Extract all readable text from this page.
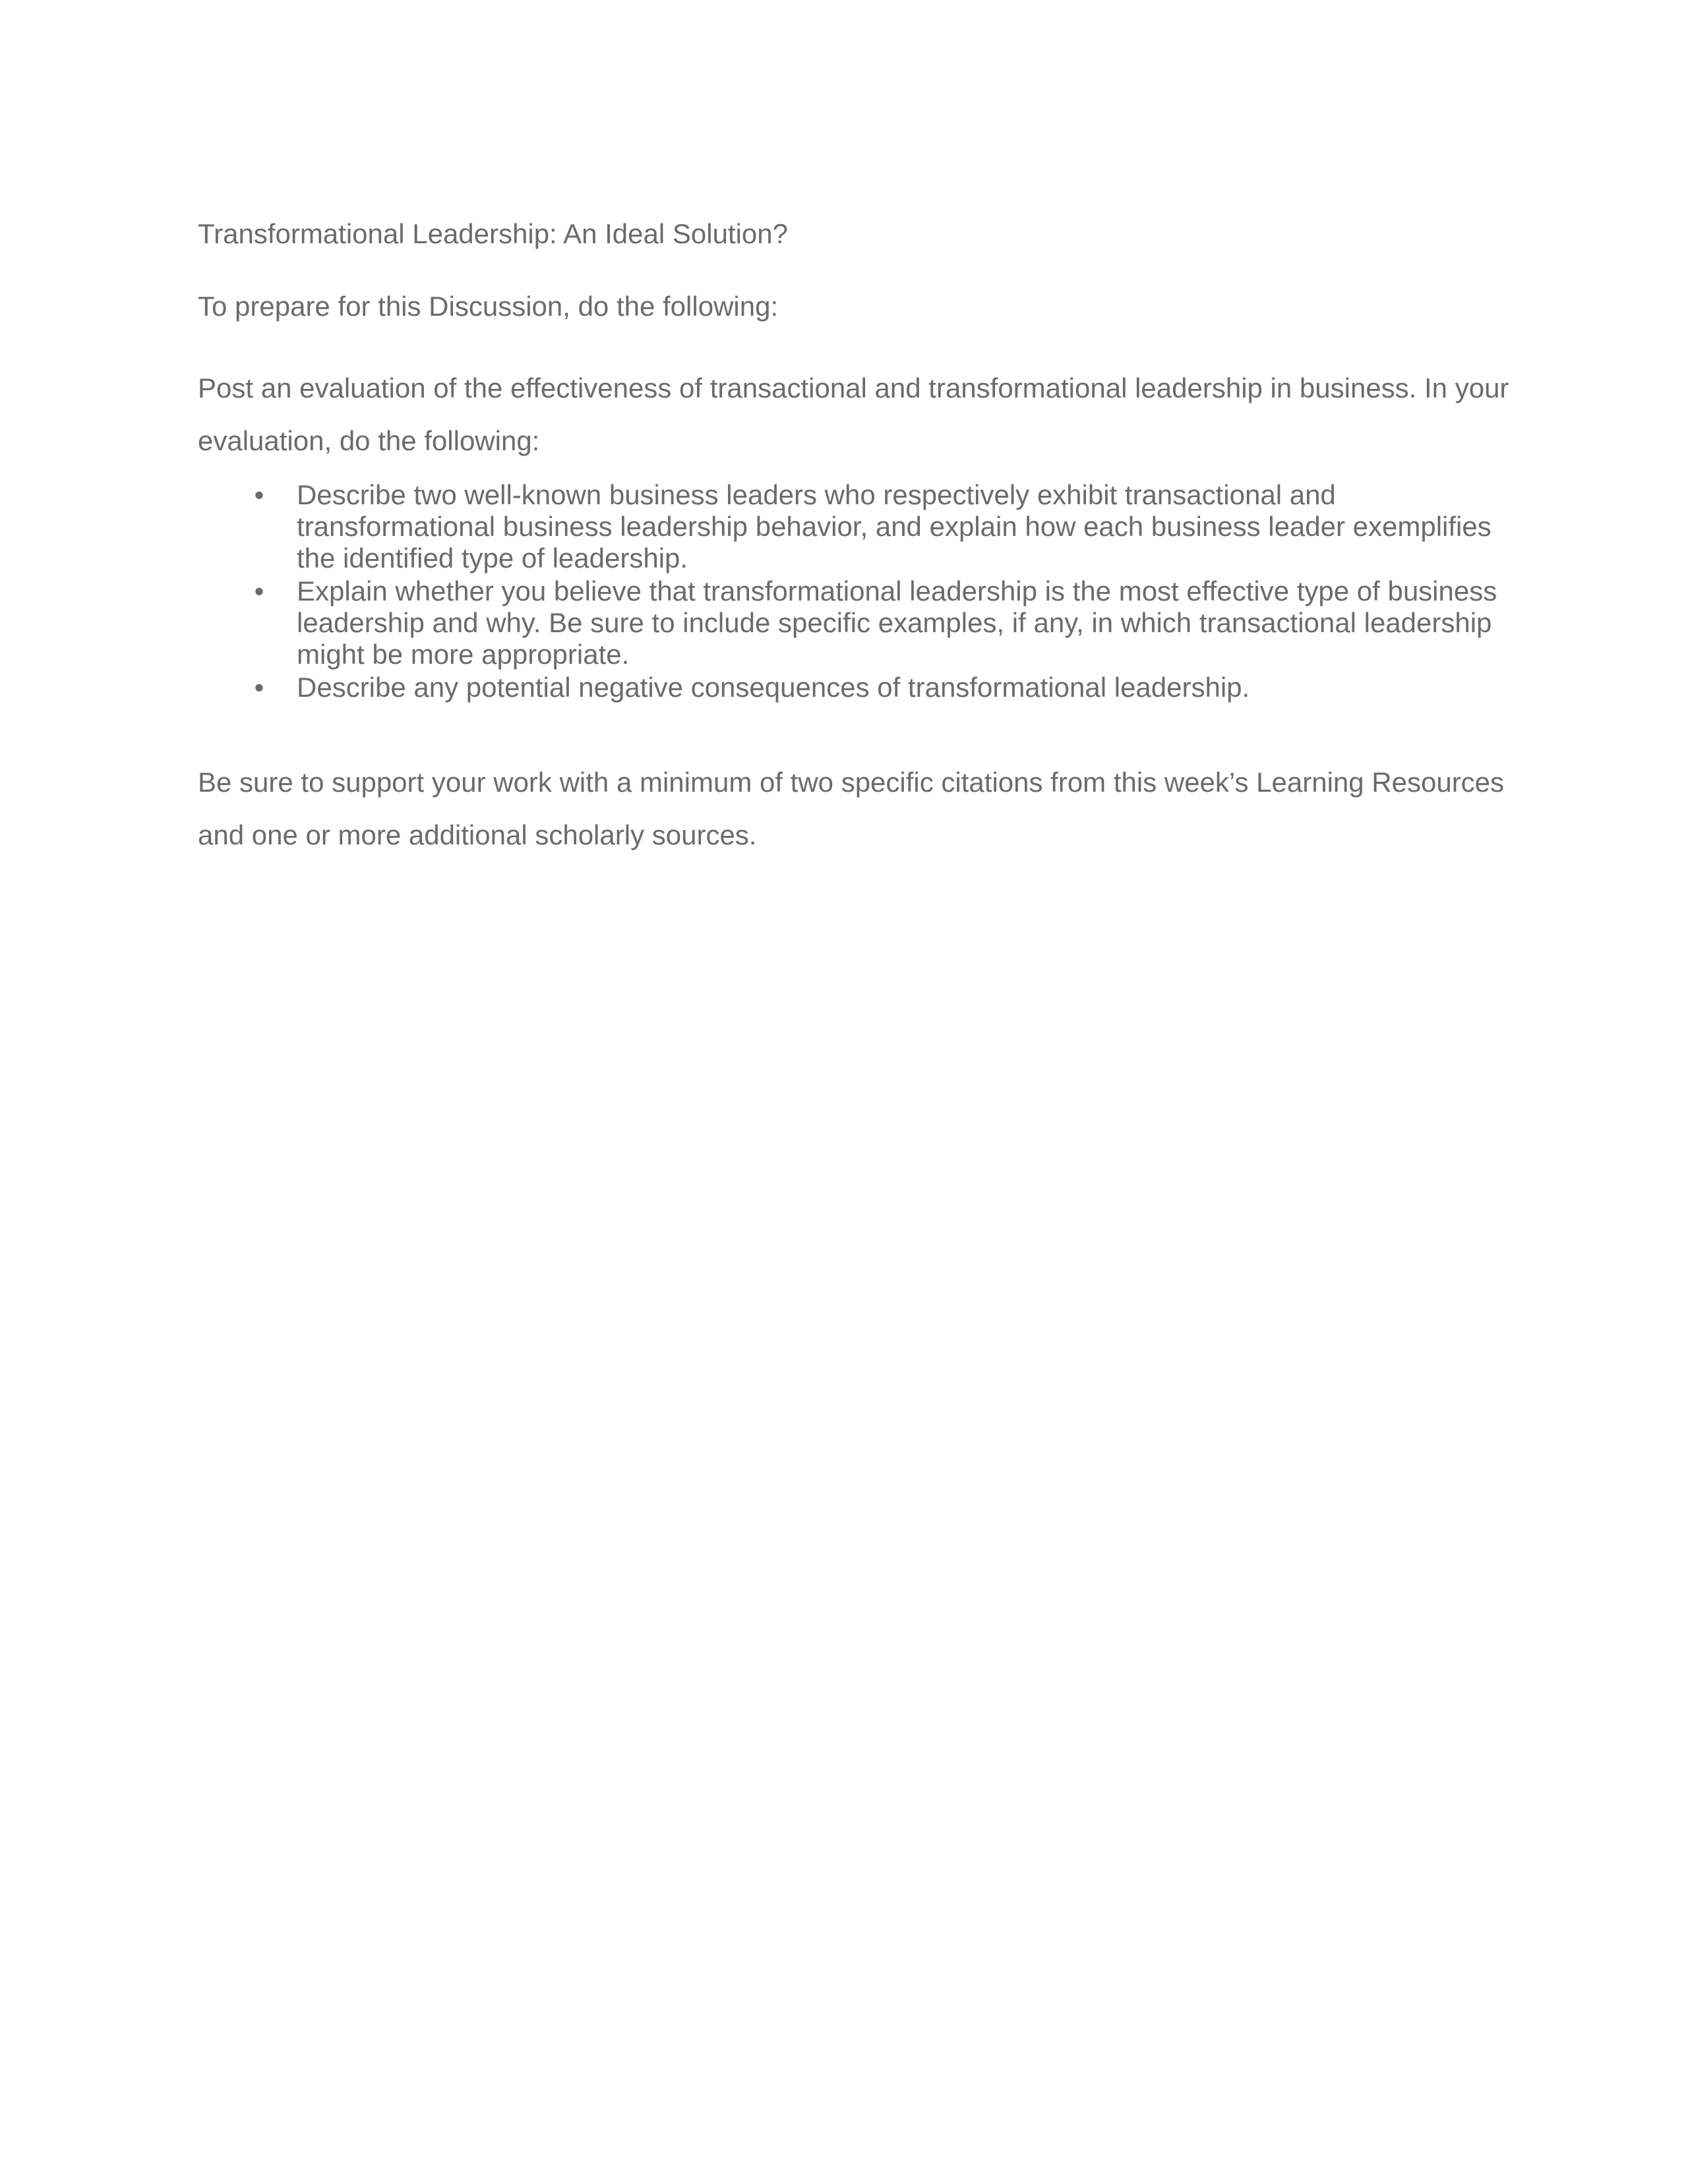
Transformational Leadership: An Ideal Solution?

To prepare for this Discussion, do the following:

Post an evaluation of the effectiveness of transactional and transformational leadership in business. In your evaluation, do the following:

• Describe two well-known business leaders who respectively exhibit transactional and transformational business leadership behavior, and explain how each business leader exemplifies the identified type of leadership.
• Explain whether you believe that transformational leadership is the most effective type of business leadership and why. Be sure to include specific examples, if any, in which transactional leadership might be more appropriate.
• Describe any potential negative consequences of transformational leadership.

Be sure to support your work with a minimum of two specific citations from this week’s Learning Resources and one or more additional scholarly sources.
